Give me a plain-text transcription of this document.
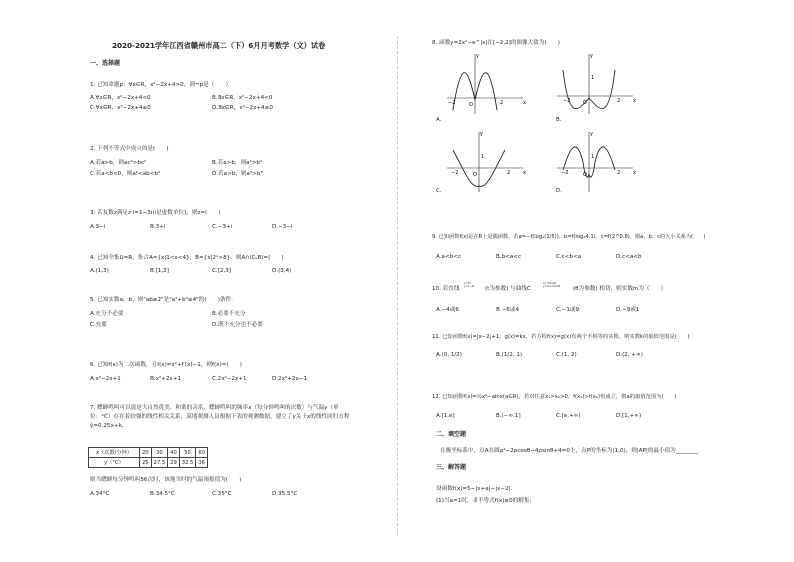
2020-2021学年江西省赣州市高二（下）6月月考数学（文）试卷
一、选择题
1. 已知命题p：∀x∈R，x²−2x+4>0，则¬p是（　　）
A.∀x∈R，x²−2x+4<0	B.∃x∈R，x²−2x+4<0
C.∀x∈R，x²−2x+4≤0	D.∃x∈R，x²−2x+4≤0
2. 下列不等式中成立的是(　　)
A.若a>b，则ac²>bc²	B.若a>b，则a²>b²
C.若a<b<0，则a²<ab<b²	D.若a>b，则a³>b³
3. 若复数z满足z·i=1−3i(i是虚数单位)，则z=(　　)
A.3−i	B.3+i	C.−3+i	D.−3−i
4. 已知全集U=R，集合A={x|1<x<4}，B={x|2ˣ>8}，则A∩(∁ᵤB)=(　　)
A.(1,3)	B.[1,3]	C.[2,3]	D.(3,4)
5. 已知实数a，b，则"ab≥2"是"a²+b²≥4"的(　　)条件.
A.充分不必要	B.必要不充分
C.充要	D.既不充分也不必要
6. 已知f(x)为二次函数，且f(x)=x²+f′(x)−1，则f(x)=(　　)
A.x²−2x+1	B.x²+2x+1	C.2x²−2x+1	D.2x²+2x−1
7. 蟋蟀鸣叫可以说是大自然优美、和谐的音乐，蟋蟀鸣叫的频率x（每分钟鸣叫的次数）与气温y（单
位：°C）存在着较强的线性相关关系，某地观测人员根据下表的观测数据，建立了y关于x的线性回归方程
ŷ=0.25x+k，
x（次数/分钟）	20	30	40	50	60
y（°C）	25	27.5	29	32.5	36
则当蟋蟀每分钟鸣叫56次时，该地当时的气温预报值为(　　)
A.34°C	B.34.5°C	C.35°C	D.35.5°C
8. 函数y=2x²−e^|x|在[−2,2]的图像大致为(　　)
x
y
O
−2	2
A.
1
x
y
O
−2	2
B.
1
x
y
O
−2	2
C.
1
x
y
O
−2	2
D.
9. 已知函数f(x)是在R上是偶函数，若a=−f(log₂(1/5))，b=f(log₂4.1)，c=f(2^0.8)，则a，b，c的大小关系为(　　)
A.a<b<c	B.b<a<c	C.c<b<a	D.c<a<b
10. 若直线
x=2t,
y=1−4t (t为参数) 与曲线C
x=√5cosθ,
y=m+√5sinθ (θ为参数) 相切，则实数m为（　　）
A.−4或6	B.−6或4	C.−1或9	D.−9或1
11. 已知函数f(x)=|x−2|+1，g(x)=kx，若方程f(x)=g(x)有两个不相等的实根，则实数k的取值范围是(　　)
A.(0, 1/2)	B.(1/2, 1)	C.(1, 2)	D.(2, +∞)
12. 已知函数f(x)=½x²−alnx(a∈R)，若对任意x₁>x₂>0，f(x₁)>f(x₂)恒成立，则a的取值范围为(　　)
A.[1,e]	B.(−∞,1]	C.[e,+∞)	D.[1,+∞)
二、填空题
在极坐标系中，点A在圆ρ²−2ρcosθ−4ρsinθ+4=0上，点P的坐标为(1,0)，则|AP|的最小值为________.
三、解答题
设函数f(x)=5−|x+a|−|x−2|.
(1)当a=1时，求不等式f(x)≥0的解集;
